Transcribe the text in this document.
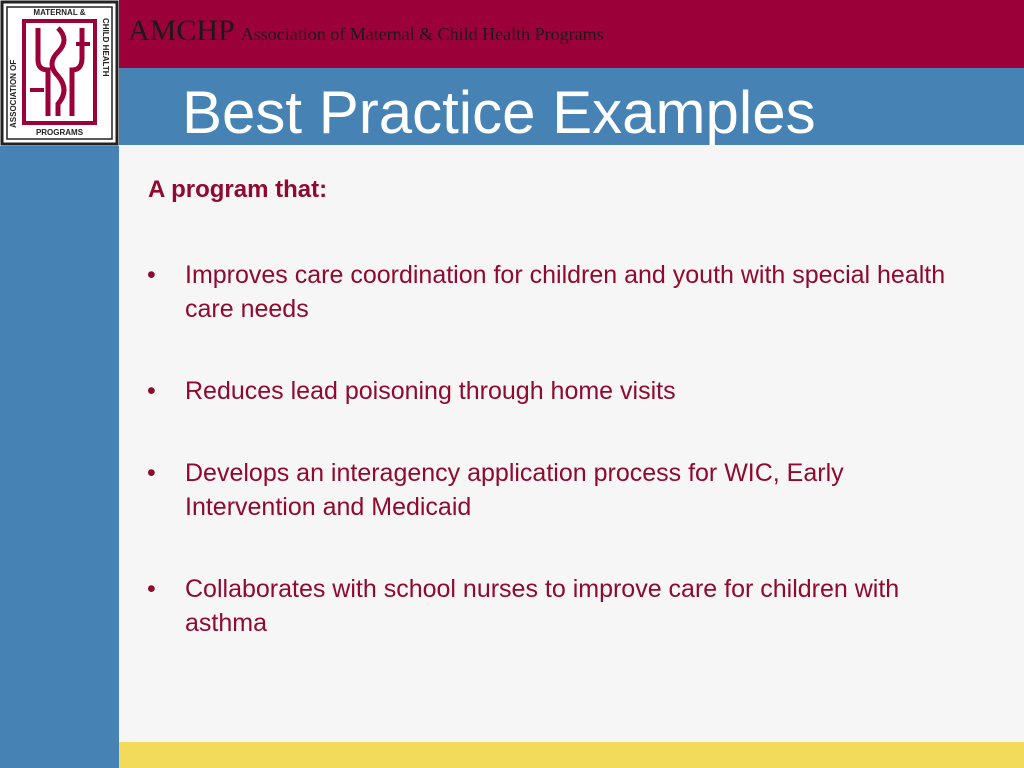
MATERNAL &
PROGRAMS
ASSOCIATION OF
CHILD HEALTH AMCHP Association of Maternal & Child Health Programs
Best Practice Examples

A program that:

•	Improves care coordination for children and youth with special health care needs
•	Reduces lead poisoning through home visits
•	Develops an interagency application process for WIC, Early Intervention and Medicaid
•	Collaborates with school nurses to improve care for children with asthma
